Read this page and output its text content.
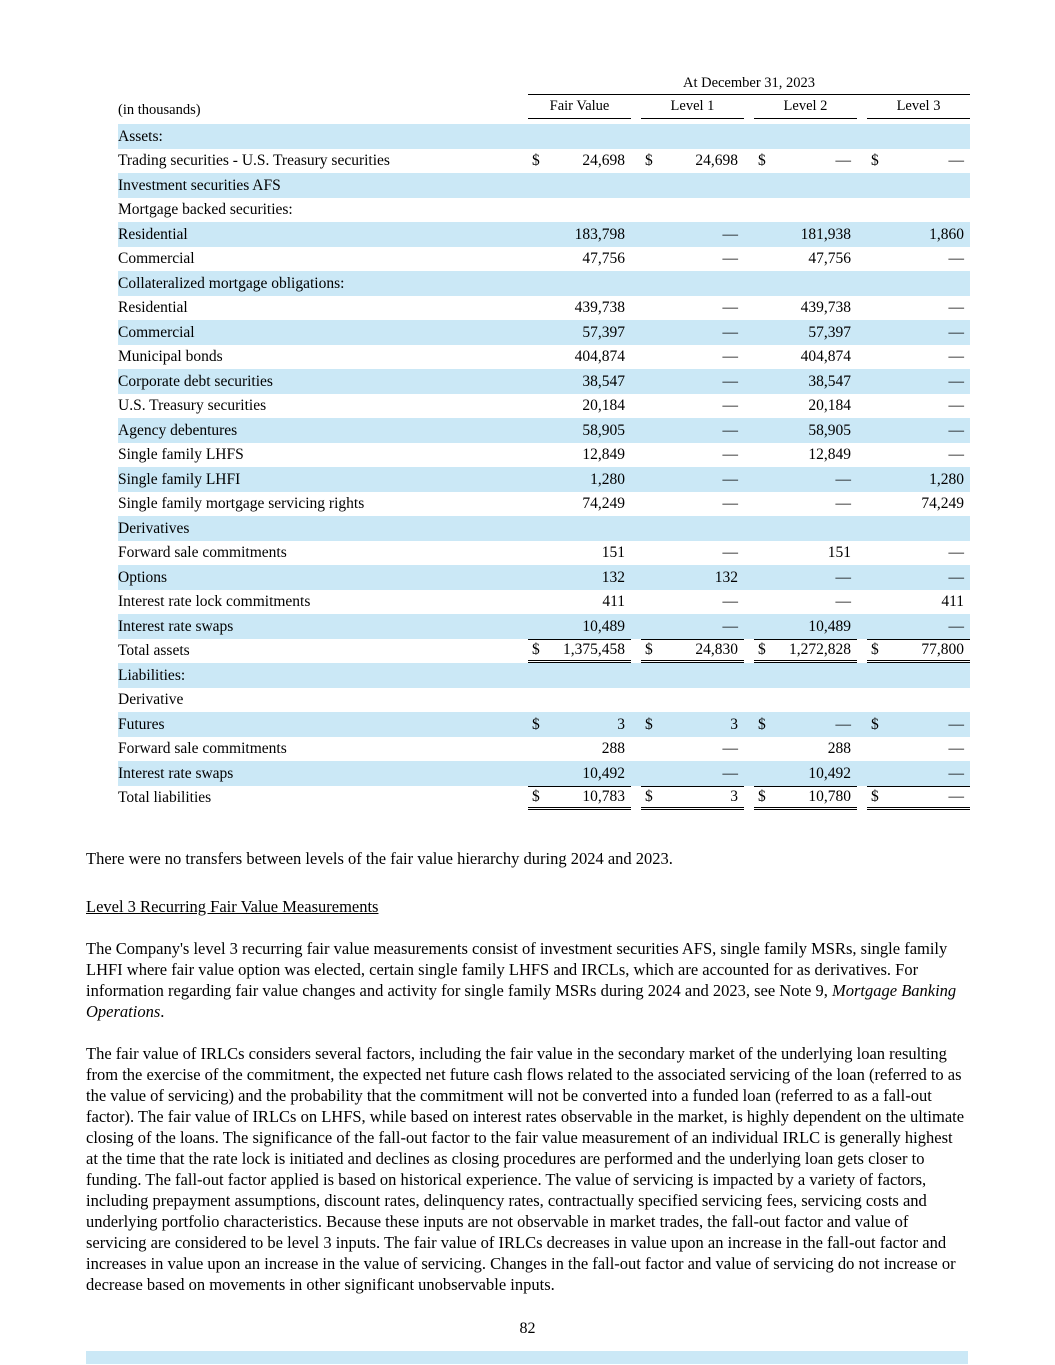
	At December 31, 2023			

(in thousands)	Fair Value	Level 1	Level 2	Level 3

Assets:	

Trading securities - U.S. Treasury securities	$ 24,698	$ 24,698	$ —	$ —

Investment securities AFS	

Mortgage backed securities:	

Residential	183,798	—	181,938	1,860

Commercial	47,756	—	47,756	—

Collateralized mortgage obligations:	

Residential	439,738	—	439,738	—

Commercial	57,397	—	57,397	—

Municipal bonds	404,874	—	404,874	—

Corporate debt securities	38,547	—	38,547	—

U.S. Treasury securities	20,184	—	20,184	—

Agency debentures	58,905	—	58,905	—

Single family LHFS	12,849	—	12,849	—

Single family LHFI	1,280	—	—	1,280

Single family mortgage servicing rights	74,249	—	—	74,249

Derivatives	

Forward sale commitments	151	—	151	—

Options	132	132	—	—

Interest rate lock commitments	411	—	—	411

Interest rate swaps	10,489	—	10,489	—

Total assets	$ 1,375,458	$ 24,830	$ 1,272,828	$ 77,800

Liabilities:	

Derivative	

Futures	$ 3	$ 3	$ —	$ —

Forward sale commitments	288	—	288	—

Interest rate swaps	10,492	—	10,492	—

Total liabilities	$ 10,783	$ 3	$ 10,780	$ —

There were no transfers between levels of the fair value hierarchy during 2024 and 2023.

Level 3 Recurring Fair Value Measurements

The Company's level 3 recurring fair value measurements consist of investment securities AFS, single family MSRs, single family LHFI where fair value option was elected, certain single family LHFS and IRCLs, which are accounted for as derivatives. For information regarding fair value changes and activity for single family MSRs during 2024 and 2023, see Note 9, Mortgage Banking Operations.

The fair value of IRLCs considers several factors, including the fair value in the secondary market of the underlying loan resulting from the exercise of the commitment, the expected net future cash flows related to the associated servicing of the loan (referred to as the value of servicing) and the probability that the commitment will not be converted into a funded loan (referred to as a fall-out factor). The fair value of IRLCs on LHFS, while based on interest rates observable in the market, is highly dependent on the ultimate closing of the loans. The significance of the fall-out factor to the fair value measurement of an individual IRLC is generally highest at the time that the rate lock is initiated and declines as closing procedures are performed and the underlying loan gets closer to funding. The fall-out factor applied is based on historical experience. The value of servicing is impacted by a variety of factors, including prepayment assumptions, discount rates, delinquency rates, contractually specified servicing fees, servicing costs and underlying portfolio characteristics. Because these inputs are not observable in market trades, the fall-out factor and value of servicing are considered to be level 3 inputs. The fair value of IRLCs decreases in value upon an increase in the fall-out factor and increases in value upon an increase in the value of servicing. Changes in the fall-out factor and value of servicing do not increase or decrease based on movements in other significant unobservable inputs.

82
